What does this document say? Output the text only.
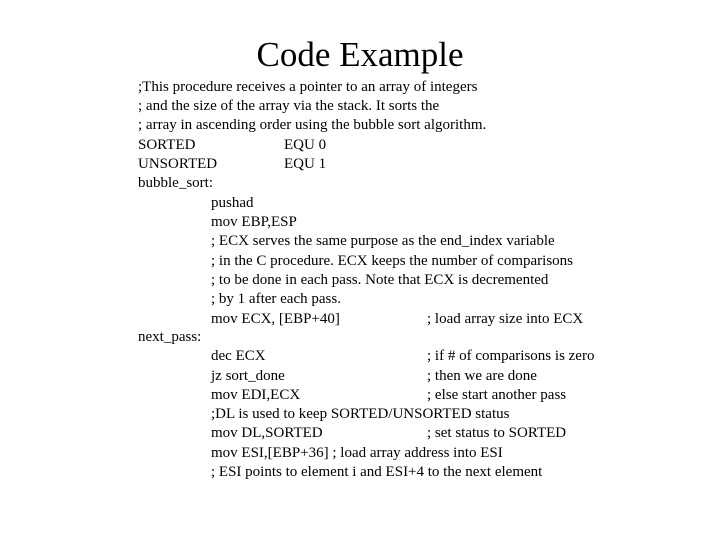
Code Example
;This procedure receives a pointer to an array of integers
; and the size of the array via the stack. It sorts the
; array in ascending order using the bubble sort algorithm.
SORTED	EQU 0
UNSORTED	EQU 1
bubble_sort:
pushad
mov EBP,ESP
; ECX serves the same purpose as the end_index variable
; in the C procedure. ECX keeps the number of comparisons
; to be done in each pass. Note that ECX is decremented
; by 1 after each pass.
mov ECX, [EBP+40]	; load array size into ECX
next_pass:
dec ECX	; if # of comparisons is zero
jz sort_done	; then we are done
mov EDI,ECX	; else start another pass
;DL is used to keep SORTED/UNSORTED status
mov DL,SORTED	; set status to SORTED
mov ESI,[EBP+36] ; load array address into ESI
; ESI points to element i and ESI+4 to the next element
